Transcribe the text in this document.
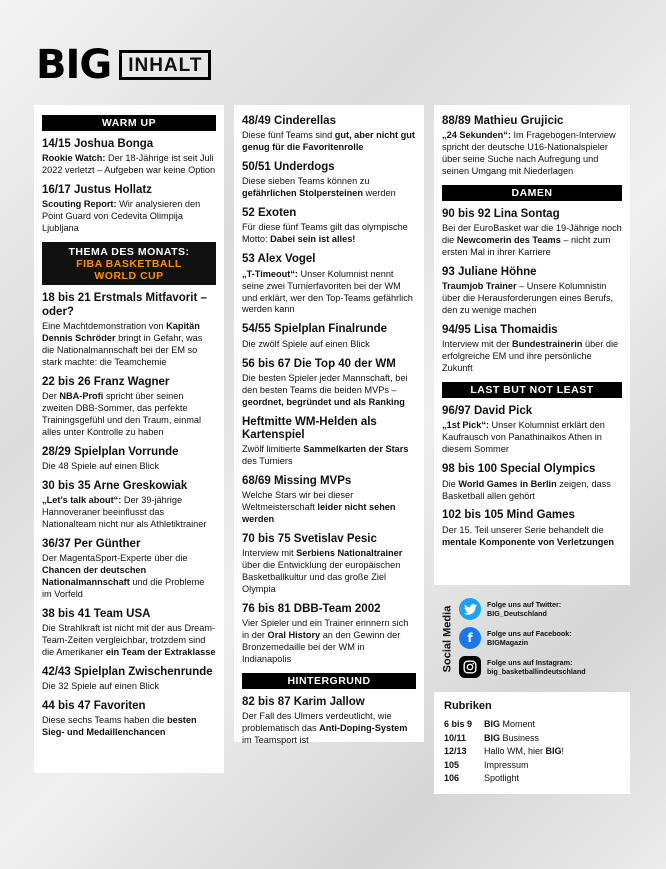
BIG INHALT
WARM UP
14/15 Joshua Bonga

Rookie Watch: Der 18-Jährige ist seit Juli 2022 verletzt – Aufgeben war keine Option

16/17 Justus Hollatz

Scouting Report: Wir analysieren den Point Guard von Cedevita Olimpija Ljubljana

THEMA DES MONATS:
FIBA BASKETBALL
WORLD CUP
18 bis 21 Erstmals Mitfavorit – oder?

Eine Machtdemonstration von Kapitän Dennis Schröder bringt in Gefahr, was die Nationalmannschaft bei der EM so stark machte: die Teamchemie

22 bis 26 Franz Wagner

Der NBA-Profi spricht über seinen zweiten DBB-Sommer, das perfekte Trainingsgefühl und den Traum, einmal alles unter Kontrolle zu haben

28/29 Spielplan Vorrunde

Die 48 Spiele auf einen Blick

30 bis 35 Arne Greskowiak

„Let’s talk about“: Der 39-jährige Hannoveraner beeinflusst das Nationalteam nicht nur als Athletiktrainer

36/37 Per Günther

Der MagentaSport-Experte über die Chancen der deutschen Nationalmannschaft und die Probleme im Vorfeld

38 bis 41 Team USA

Die Strahlkraft ist nicht mit der aus Dream-Team-Zeiten vergleichbar, trotzdem sind die Amerikaner ein Team der Extraklasse

42/43 Spielplan Zwischenrunde

Die 32 Spiele auf einen Blick

44 bis 47 Favoriten

Diese sechs Teams haben die besten Sieg- und Medaillenchancen

48/49 Cinderellas

Diese fünf Teams sind gut, aber nicht gut genug für die Favoritenrolle

50/51 Underdogs

Diese sieben Teams können zu gefährlichen Stolpersteinen werden

52 Exoten

Für diese fünf Teams gilt das olympische Motto: Dabei sein ist alles!

53 Alex Vogel

„T-Timeout“: Unser Kolumnist nennt seine zwei Turnierfavoriten bei der WM und erklärt, wer den Top-Teams gefährlich werden kann

54/55 Spielplan Finalrunde

Die zwölf Spiele auf einen Blick

56 bis 67 Die Top 40 der WM

Die besten Spieler jeder Mannschaft, bei den besten Teams die beiden MVPs – geordnet, begründet und als Ranking

Heftmitte WM-Helden als Kartenspiel

Zwölf limitierte Sammelkarten der Stars des Turniers

68/69 Missing MVPs

Welche Stars wir bei dieser Weltmeisterschaft leider nicht sehen werden

70 bis 75 Svetislav Pesic

Interview mit Serbiens Nationaltrainer über die Entwicklung der europäischen Basketballkultur und das große Ziel Olympia

76 bis 81 DBB-Team 2002

Vier Spieler und ein Trainer erinnern sich in der Oral History an den Gewinn der Bronzemedaille bei der WM in Indianapolis

HINTERGRUND
82 bis 87 Karim Jallow

Der Fall des Ulmers verdeutlicht, wie problematisch das Anti-Doping-System im Teamsport ist

88/89 Mathieu Grujicic

„24 Sekunden“: Im Fragebogen-Interview spricht der deutsche U16-Nationalspieler über seine Suche nach Aufregung und seinen Umgang mit Niederlagen

DAMEN
90 bis 92 Lina Sontag

Bei der EuroBasket war die 19-Jährige noch die Newcomerin des Teams – nicht zum ersten Mal in ihrer Karriere

93 Juliane Höhne

Traumjob Trainer – Unsere Kolumnistin über die Herausforderungen eines Berufs, den zu wenige machen

94/95 Lisa Thomaidis

Interview mit der Bundestrainerin über die erfolgreiche EM und ihre persönliche Zukunft

LAST BUT NOT LEAST
96/97 David Pick

„1st Pick“: Unser Kolumnist erklärt den Kaufrausch von Panathinaikos Athen in diesem Sommer

98 bis 100 Special Olympics

Die World Games in Berlin zeigen, dass Basketball allen gehört

102 bis 105 Mind Games

Der 15. Teil unserer Serie behandelt die mentale Komponente von Verletzungen

Social Media
Folge uns auf Twitter:
BIG_Deutschland
f	Folge uns auf Facebook:
BIGMagazin
Folge uns auf Instagram:
big_basketballindeutschland
Rubriken
6 bis 9	BIG Moment
10/11	BIG Business
12/13	Hallo WM, hier BIG!
105	Impressum
106	Spotlight
